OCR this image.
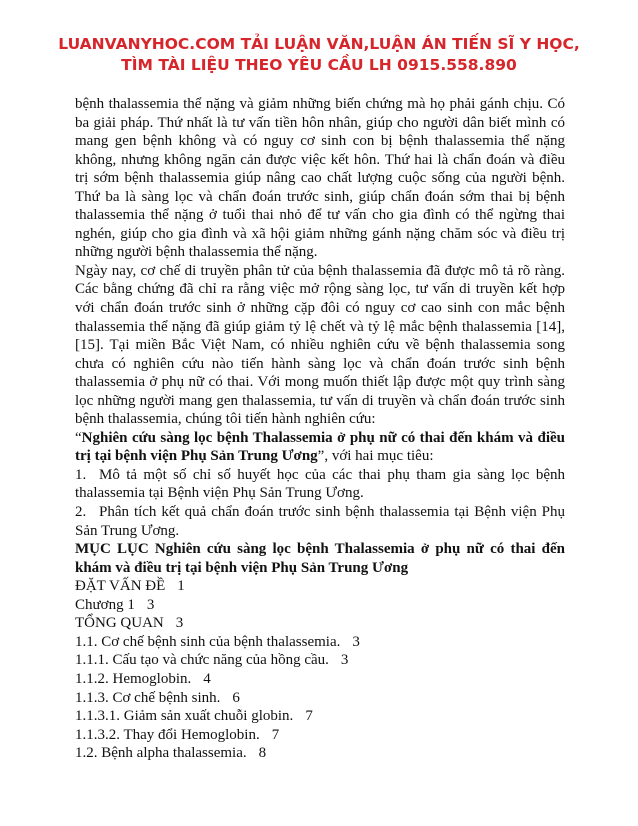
LUANVANYHOC.COM TẢI LUẬN VĂN,LUẬN ÁN TIẾN SĨ Y HỌC,
TÌM TÀI LIỆU THEO YÊU CẦU LH 0915.558.890

bệnh thalassemia thể nặng và giảm những biến chứng mà họ phải gánh chịu. Có ba giải pháp. Thứ nhất là tư vấn tiền hôn nhân, giúp cho người dân biết mình có mang gen bệnh không và có nguy cơ sinh con bị bệnh thalassemia thể nặng không, nhưng không ngăn cản được việc kết hôn. Thứ hai là chẩn đoán và điều trị sớm bệnh thalassemia giúp nâng cao chất lượng cuộc sống của người bệnh. Thứ ba là sàng lọc và chẩn đoán trước sinh, giúp chẩn đoán sớm thai bị bệnh thalassemia thể nặng ở tuổi thai nhỏ để tư vấn cho gia đình có thể ngừng thai nghén, giúp cho gia đình và xã hội giảm những gánh nặng chăm sóc và điều trị những người bệnh thalassemia thể nặng.

Ngày nay, cơ chế di truyền phân tử của bệnh thalassemia đã được mô tả rõ ràng. Các bằng chứng đã chỉ ra rằng việc mở rộng sàng lọc, tư vấn di truyền kết hợp với chẩn đoán trước sinh ở những cặp đôi có nguy cơ cao sinh con mắc bệnh thalassemia thể nặng đã giúp giảm tỷ lệ chết và tỷ lệ mắc bệnh thalassemia [14],[15]. Tại miền Bắc Việt Nam, có nhiều nghiên cứu về bệnh thalassemia song chưa có nghiên cứu nào tiến hành sàng lọc và chẩn đoán trước sinh bệnh thalassemia ở phụ nữ có thai. Với mong muốn thiết lập được một quy trình sàng lọc những người mang gen thalassemia, tư vấn di truyền và chẩn đoán trước sinh bệnh thalassemia, chúng tôi tiến hành nghiên cứu:

“Nghiên cứu sàng lọc bệnh Thalassemia ở phụ nữ có thai đến khám và điều trị tại bệnh viện Phụ Sản Trung Ương”, với hai mục tiêu:

1. Mô tả một số chỉ số huyết học của các thai phụ tham gia sàng lọc bệnh thalassemia tại Bệnh viện Phụ Sản Trung Ương.

2. Phân tích kết quả chẩn đoán trước sinh bệnh thalassemia tại Bệnh viện Phụ Sản Trung Ương.

MỤC LỤC Nghiên cứu sàng lọc bệnh Thalassemia ở phụ nữ có thai đến khám và điều trị tại bệnh viện Phụ Sản Trung Ương

ĐẶT VẤN ĐỀ 1

Chương 1 3

TỔNG QUAN 3

1.1. Cơ chế bệnh sinh của bệnh thalassemia. 3

1.1.1. Cấu tạo và chức năng của hồng cầu. 3

1.1.2. Hemoglobin. 4

1.1.3. Cơ chế bệnh sinh. 6

1.1.3.1. Giảm sản xuất chuỗi globin. 7

1.1.3.2. Thay đổi Hemoglobin. 7

1.2. Bệnh alpha thalassemia. 8
